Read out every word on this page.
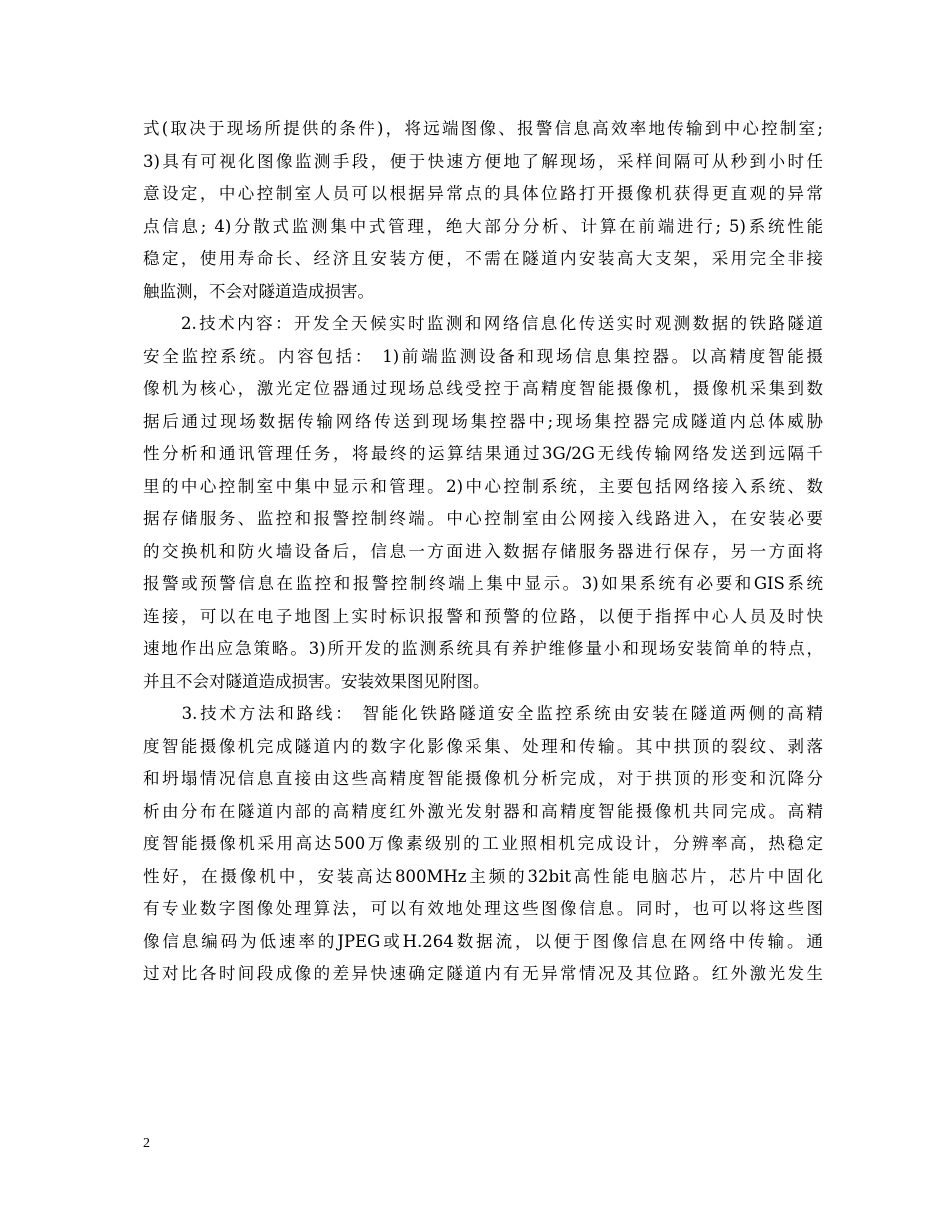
式(取决于现场所提供的条件)，将远端图像、报警信息高效率地传输到中心控制室;
3)具有可视化图像监测手段，便于快速方便地了解现场，采样间隔可从秒到小时任
意设定，中心控制室人员可以根据异常点的具体位路打开摄像机获得更直观的异常
点信息; 4)分散式监测集中式管理，绝大部分分析、计算在前端进行; 5)系统性能
稳定，使用寿命长、经济且安装方便，不需在隧道内安装高大支架，采用完全非接
触监测，不会对隧道造成损害。
　　2.技术内容：开发全天候实时监测和网络信息化传送实时观测数据的铁路隧道
安全监控系统。内容包括： 1)前端监测设备和现场信息集控器。以高精度智能摄
像机为核心，激光定位器通过现场总线受控于高精度智能摄像机，摄像机采集到数
据后通过现场数据传输网络传送到现场集控器中;现场集控器完成隧道内总体威胁
性分析和通讯管理任务，将最终的运算结果通过3G/2G无线传输网络发送到远隔千
里的中心控制室中集中显示和管理。2)中心控制系统，主要包括网络接入系统、数
据存储服务、监控和报警控制终端。中心控制室由公网接入线路进入，在安装必要
的交换机和防火墙设备后，信息一方面进入数据存储服务器进行保存，另一方面将
报警或预警信息在监控和报警控制终端上集中显示。3)如果系统有必要和GIS系统
连接，可以在电子地图上实时标识报警和预警的位路，以便于指挥中心人员及时快
速地作出应急策略。3)所开发的监测系统具有养护维修量小和现场安装简单的特点，
并且不会对隧道造成损害。安装效果图见附图。
　　3.技术方法和路线： 智能化铁路隧道安全监控系统由安装在隧道两侧的高精
度智能摄像机完成隧道内的数字化影像采集、处理和传输。其中拱顶的裂纹、剥落
和坍塌情况信息直接由这些高精度智能摄像机分析完成，对于拱顶的形变和沉降分
析由分布在隧道内部的高精度红外激光发射器和高精度智能摄像机共同完成。高精
度智能摄像机采用高达500万像素级别的工业照相机完成设计，分辨率高，热稳定
性好，在摄像机中，安装高达800MHz主频的32bit高性能电脑芯片，芯片中固化
有专业数字图像处理算法，可以有效地处理这些图像信息。同时，也可以将这些图
像信息编码为低速率的JPEG或H.264数据流，以便于图像信息在网络中传输。通
过对比各时间段成像的差异快速确定隧道内有无异常情况及其位路。红外激光发生
2
